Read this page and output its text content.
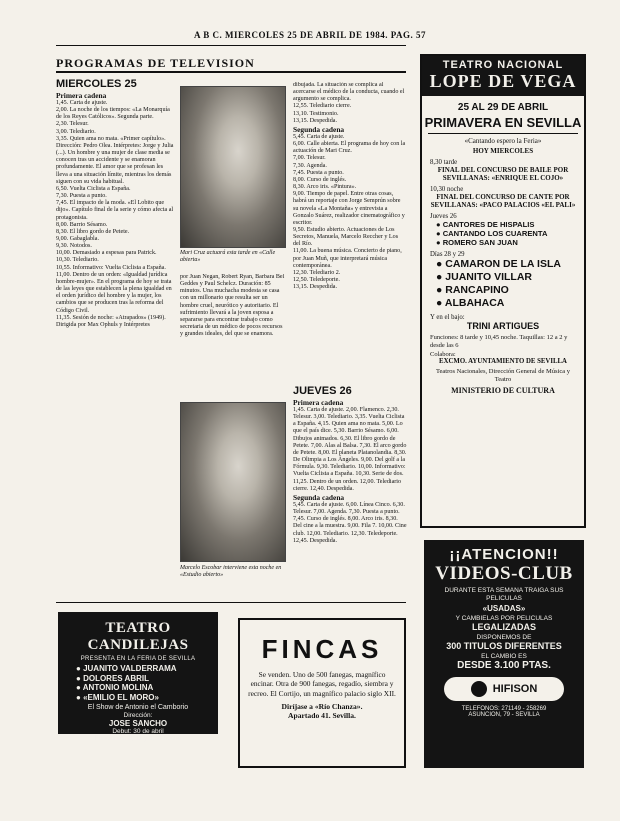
A B C. MIERCOLES 25 DE ABRIL DE 1984. PAG. 57
PROGRAMAS DE TELEVISION

MIERCOLES 25

Primera cadena

1,45. Carta de ajuste.

2,00. La noche de los tiempos: «La Monarquía de los Reyes Católicos». Segunda parte.

2,30. Telesur.

3,00. Telediario.

3,35. Quien ama no mata. «Primer capítulo». Dirección: Pedro Olea. Intérpretes: Jorge y Julia (...). Un hombre y una mujer de clase media se conocen tras un accidente y se enamoran profundamente. El amor que se profesan les lleva a una situación límite, mientras los demás siguen con su vida habitual.

6,50. Vuelta Ciclista a España.

7,30. Puesta a punto.

7,45. El impacto de la moda. «El Lobito que dijo». Capítulo final de la serie y cómo afecta al protagonista.

8,00. Barrio Sésamo.

8,30. El libro gordo de Petete.

9,00. Gabaglabla.

9,30. Notodos.

10,00. Demasiado a espesas para Patrick.

10,30. Telediario.

10,55. Informativo: Vuelta Ciclista a España.

11,00. Dentro de un orden: «Igualdad jurídica hombre-mujer». En el programa de hoy se trata de las leyes que establecen la plena igualdad en el orden jurídico del hombre y la mujer, los cambios que se producen tras la reforma del Código Civil.

11,35. Sesión de noche: «Atrapados» (1949). Dirigida por Max Ophuls y Intérpretes

Mari Cruz actuará esta tarde en «Calle abierta»

por Juan Negan, Robert Ryan, Barbara Bel Geddes y Paul Schelcz. Duración: 85 minutos. Una muchacha modesta se casa con un millonario que resulta ser un hombre cruel, neurótico y autoritario. El sufrimiento llevará a la joven esposa a separarse para encontrar trabajo como secretaria de un médico de pocos recursos y grandes ideales, del que se enamora.

Marcelo Escobar interviene esta noche en «Estudio abierto»

dibujada. La situación se complica al acercarse el médico de la conducta, cuando el argumento se complica.

12,55. Telediario cierre.

13,10. Testimonio.

13,15. Despedida.

Segunda cadena

5,45. Carta de ajuste.

6,00. Calle abierta. El programa de hoy con la actuación de Mari Cruz.

7,00. Telesur.

7,30. Agenda.

7,45. Puesta a punto.

8,00. Curso de inglés.

8,30. Arco iris. «Pintura».

9,00. Tiempo de papel. Entre otras cosas, habrá un reportaje con Jorge Semprún sobre su novela «La Montaña» y entrevista a Gonzalo Suárez, realizador cinematográfico y escritor.

9,50. Estudio abierto. Actuaciones de Los Secretos, Manuela, Marcelo Reccher y Los del Río.

11,00. La buena música. Concierto de piano, por Juan Muñ, que interpretará música contemporánea.

12,30. Telediario 2.

12,50. Teledeporte.

13,15. Despedida.

JUEVES 26

Primera cadena

1,45. Carta de ajuste. 2,00. Flamenco. 2,30. Telesur. 3,00. Telediario. 3,35. Vuelta Ciclista a España. 4,15. Quien ama no mata. 5,00. Lo que el país dice. 5,30. Barrio Sésamo. 6,00. Dibujos animados. 6,30. El libro gordo de Petete. 7,00. Alas al Balsa. 7,30. El arco gordo de Petete. 8,00. El planeta Platanolandia. 8,30. De Olimpia a Los Ángeles. 9,00. Del golf a la Fórmula. 9,30. Telediario. 10,00. Informativo: Vuelta Ciclista a España. 10,30. Serie de dos. 11,25. Dentro de un orden. 12,00. Telediario cierre. 12,40. Despedida.

Segunda cadena

5,45. Carta de ajuste. 6,00. Línea Cinco. 6,30. Telesur. 7,00. Agenda. 7,30. Puesta a punto. 7,45. Curso de inglés. 8,00. Arco iris. 8,30. Del cine a la muestra. 9,00. Fila 7. 10,00. Cine club. 12,00. Telediario. 12,30. Teledeporte. 12,45. Despedida.

TEATRO NACIONAL

LOPE DE VEGA

25 AL 29 DE ABRIL

PRIMAVERA EN SEVILLA

«Cantando espero la Feria»

HOY MIERCOLES

8,30 tarde

FINAL DEL CONCURSO DE BAILE POR SEVILLANAS: «ENRIQUE EL COJO»

10,30 noche

FINAL DEL CONCURSO DE CANTE POR SEVILLANAS: «PACO PALACIOS «EL PALI»

Jueves 26

● CANTORES DE HISPALIS

● CANTANDO LOS CUARENTA

● ROMERO SAN JUAN

Días 28 y 29

● CAMARON DE LA ISLA

● JUANITO VILLAR

● RANCAPINO

● ALBAHACA

Y en el bajo:

TRINI ARTIGUES

Funciones: 8 tarde y 10,45 noche. Taquillas: 12 a 2 y desde las 6

Colabora:

EXCMO. AYUNTAMIENTO DE SEVILLA

Teatros Nacionales, Dirección General de Música y Teatro

MINISTERIO DE CULTURA

TEATRO CANDILEJAS

PRESENTA EN LA FERIA DE SEVILLA

● JUANITO VALDERRAMA

● DOLORES ABRIL

● ANTONIO MOLINA

● «EMILIO EL MORO»

El Show de Antonio el Camborio

Dirección:

JOSE SANCHO

Debut: 30 de abril

Funciones: 8, 11 y 1,30 noche

FINCAS

Se venden. Uno de 500 fanegas, magnífico encinar. Otra de 900 fanegas, regadío, siembra y recreo. El Cortijo, un magnífico palacio siglo XII.

Diríjase a «Río Chanza».

Apartado 41. Sevilla.

¡¡ATENCION!!

VIDEOS-CLUB

DURANTE ESTA SEMANA TRAIGA SUS PELICULAS

«USADAS»

Y CAMBIELAS POR PELICULAS

LEGALIZADAS

DISPONEMOS DE

300 TITULOS DIFERENTES

EL CAMBIO ES

DESDE 3.100 PTAS.

HIFISON

TELEFONOS: 271149 - 258269

ASUNCION, 79 - SEVILLA
